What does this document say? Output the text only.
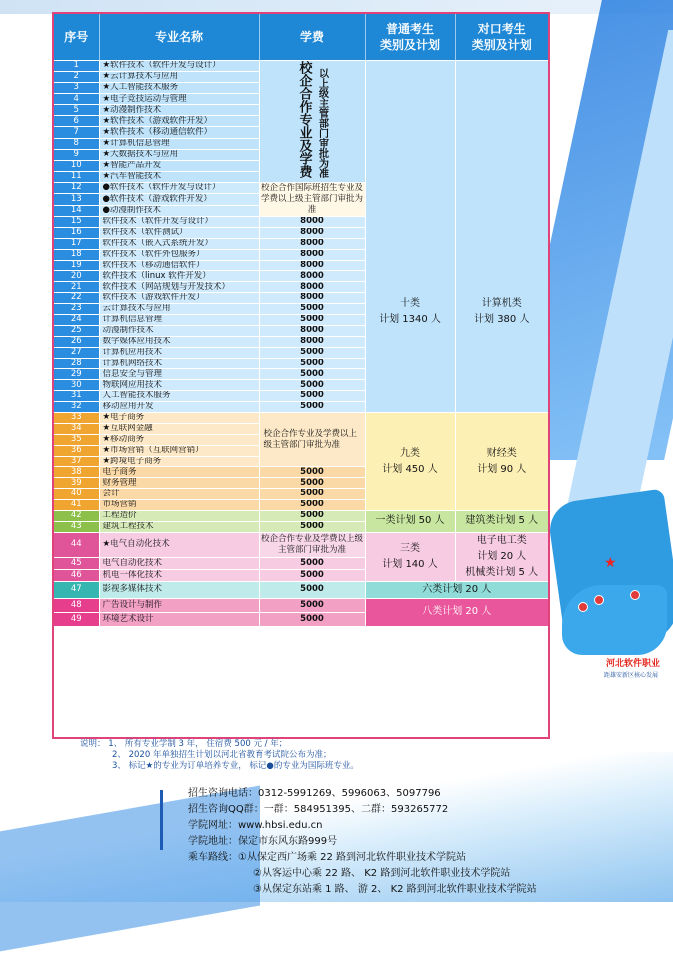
★
河北软件职业
距雄安新区核心发展
序号	专业名称	学费	普通考生
类别及计划	对口考生
类别及计划
1	★软件技术（软件开发与设计）	校企合作专业及学费 以上级主管部门审批为准	十类
计划 1340 人	计算机类
计划 380 人
2	★云计算技术与应用			
3	★人工智能技术服务			
4	★电子竞技运动与管理			
5	★动漫制作技术			
6	★软件技术（游戏软件开发）			
7	★软件技术（移动通信软件）			
8	★计算机信息管理			
9	★大数据技术与应用			
10	★智能产品开发			
11	★汽车智能技术			
12	●软件技术（软件开发与设计）	校企合作国际班招生专业及学费以上级主管部门审批为准		
13	●软件技术（游戏软件开发）			
14	●动漫制作技术			
15	软件技术（软件开发与设计）	8000		
16	软件技术（软件测试）	8000		
17	软件技术（嵌入式系统开发）	8000		
18	软件技术（软件外包服务）	8000		
19	软件技术（移动通信软件）	8000		
20	软件技术（linux 软件开发）	8000		
21	软件技术（网站规划与开发技术）	8000		
22	软件技术（游戏软件开发）	8000		
23	云计算技术与应用	5000		
24	计算机信息管理	5000		
25	动漫制作技术	8000		
26	数字媒体应用技术	8000		
27	计算机应用技术	5000		
28	计算机网络技术	5000		
29	信息安全与管理	5000		
30	物联网应用技术	5000		
31	人工智能技术服务	5000		
32	移动应用开发	5000		
33	★电子商务	校企合作专业及学费以上级主管部门审批为准	九类
计划 450 人	财经类
计划 90 人
34	★互联网金融			
35	★移动商务			
36	★市场营销（互联网营销）			
37	★跨境电子商务			
38	电子商务	5000		
39	财务管理	5000		
40	会计	5000		
41	市场营销	5000		
42	工程造价	5000	一类计划 50 人	建筑类计划 5 人
43	建筑工程技术	5000		
44	★电气自动化技术	校企合作专业及学费以上级主管部门审批为准	三类
计划 140 人	电子电工类
计划 20 人
机械类计划 5 人
45	电气自动化技术	5000		
46	机电一体化技术	5000		
47	影视多媒体技术	5000	六类计划 20 人	
48	广告设计与制作	5000	八类计划 20 人	
49	环境艺术设计	5000		
说明： 1、 所有专业学制 3 年， 住宿费 500 元 / 年；
2、 2020 年单独招生计划以河北省教育考试院公布为准；
3、 标记★的专业为订单培养专业， 标记●的专业为国际班专业。
招生咨询电话：0312-5991269、5996063、5097796
招生咨询QQ群：一群：584951395、二群：593265772
学院网址：www.hbsi.edu.cn
学院地址：保定市东风东路999号
乘车路线：①从保定西广场乘 22 路到河北软件职业技术学院站
②从客运中心乘 22 路、 K2 路到河北软件职业技术学院站
③从保定东站乘 1 路、 游 2、 K2 路到河北软件职业技术学院站
